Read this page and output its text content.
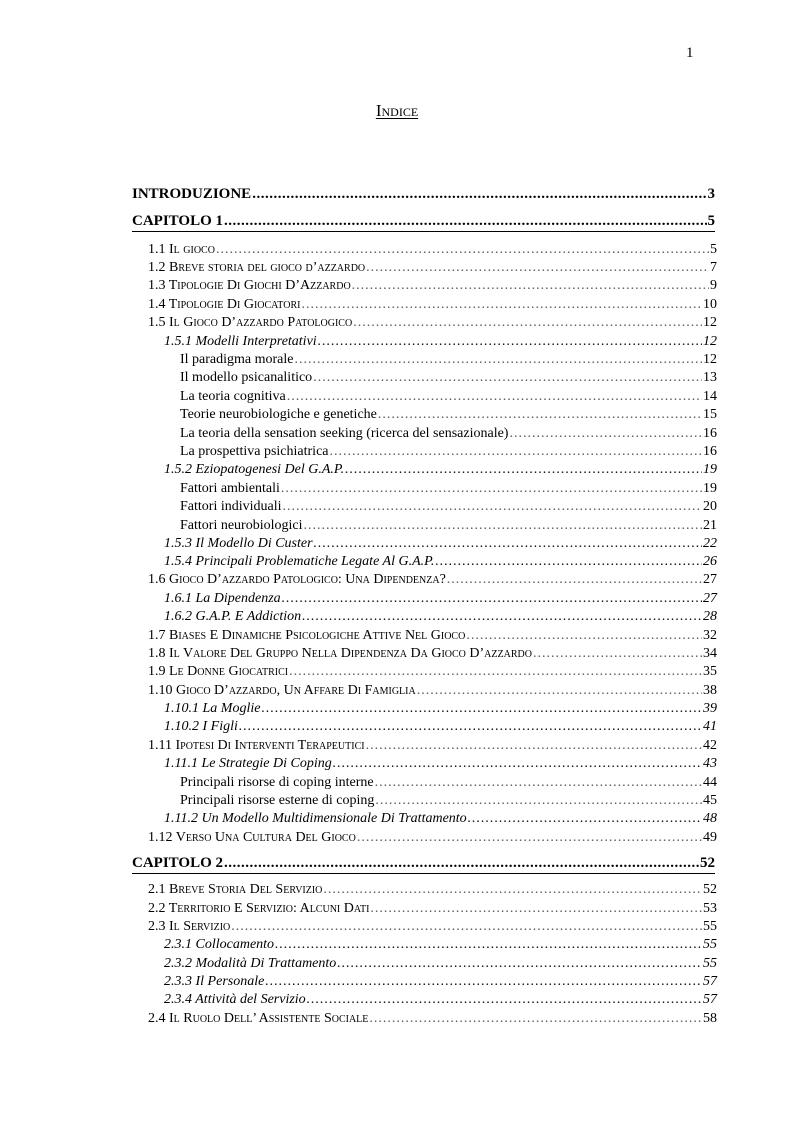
1
Indice
INTRODUZIONE .....	3
CAPITOLO 1 .....	5
1.1 Il gioco .....	5
1.2 Breve storia del gioco d’azzardo .....	7
1.3 Tipologie Di Giochi D’Azzardo .....	9
1.4 Tipologie Di Giocatori .....	10
1.5 Il Gioco D’azzardo Patologico .....	12
1.5.1 Modelli Interpretativi .....	12
Il paradigma morale .....	12
Il modello psicanalitico .....	13
La teoria cognitiva .....	14
Teorie neurobiologiche e genetiche .....	15
La teoria della sensation seeking (ricerca del sensazionale) .....	16
La prospettiva psichiatrica .....	16
1.5.2 Eziopatogenesi Del G.A.P. .....	19
Fattori ambientali .....	19
Fattori individuali .....	20
Fattori neurobiologici .....	21
1.5.3 Il Modello Di Custer .....	22
1.5.4 Principali Problematiche Legate Al G.A.P. .....	26
1.6 Gioco D’azzardo Patologico: Una Dipendenza? .....	27
1.6.1 La Dipendenza .....	27
1.6.2 G.A.P. E Addiction .....	28
1.7 Biases E Dinamiche Psicologiche Attive Nel Gioco .....	32
1.8 Il Valore Del Gruppo Nella Dipendenza Da Gioco D’azzardo .....	34
1.9 Le Donne Giocatrici .....	35
1.10 Gioco D’azzardo, Un Affare Di Famiglia .....	38
1.10.1 La Moglie .....	39
1.10.2 I Figli .....	41
1.11 Ipotesi Di Interventi Terapeutici .....	42
1.11.1 Le Strategie Di Coping .....	43
Principali risorse di coping interne .....	44
Principali risorse esterne di coping .....	45
1.11.2 Un Modello Multidimensionale Di Trattamento .....	48
1.12 Verso Una Cultura Del Gioco .....	49
CAPITOLO 2 .....	52
2.1 Breve Storia Del Servizio .....	52
2.2 Territorio E Servizio: Alcuni Dati .....	53
2.3 Il Servizio .....	55
2.3.1 Collocamento .....	55
2.3.2 Modalità Di Trattamento .....	55
2.3.3 Il Personale .....	57
2.3.4 Attività del Servizio .....	57
2.4 Il Ruolo Dell’ Assistente Sociale .....	58
